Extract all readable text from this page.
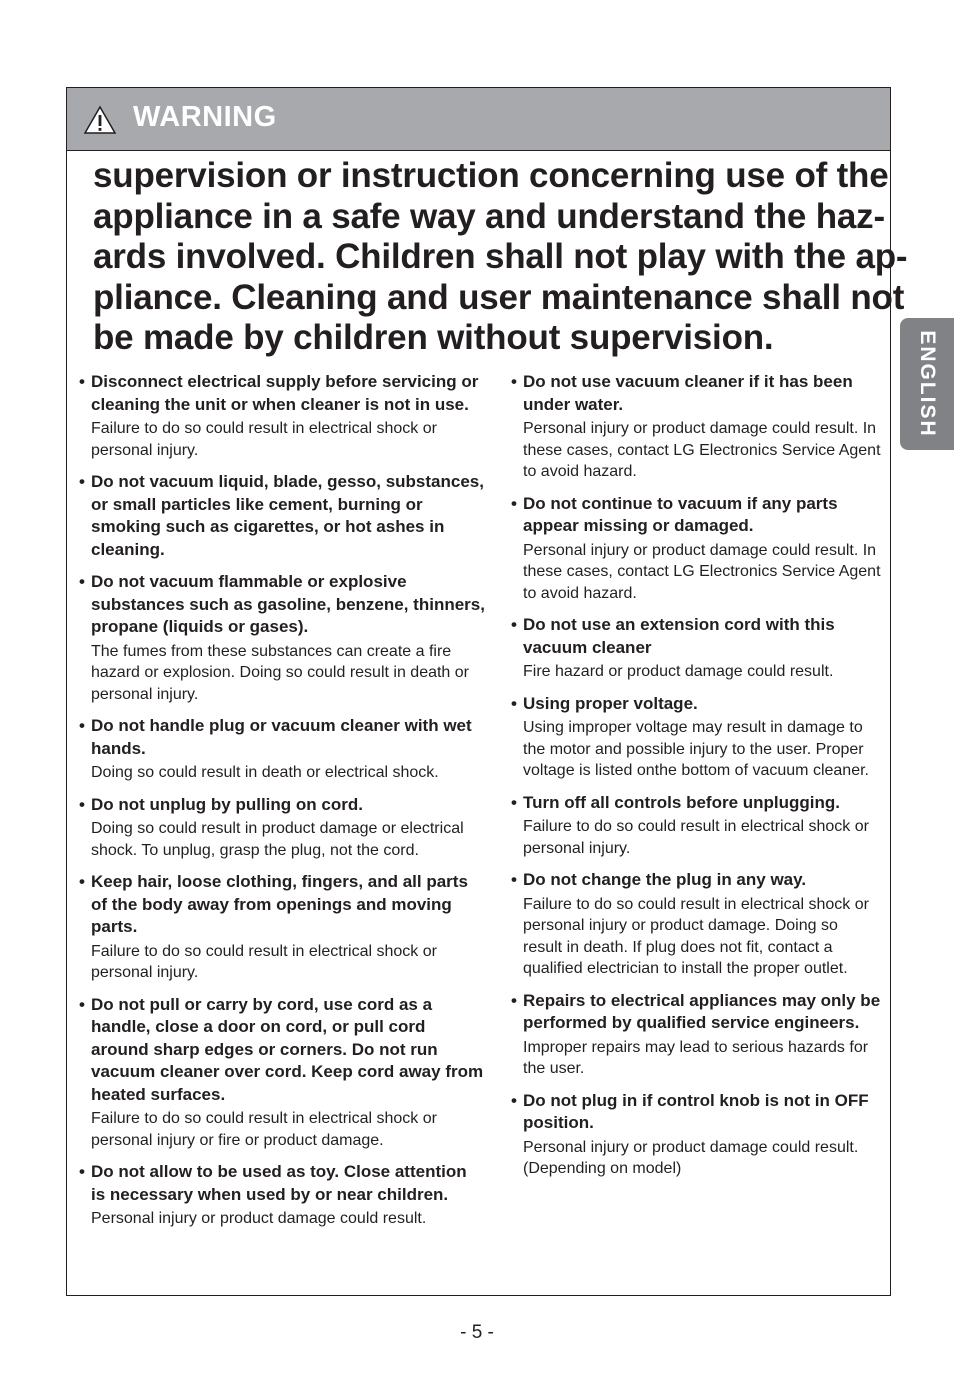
WARNING
supervision or instruction concerning use of the
appliance in a safe way and understand the haz-
ards involved. Children shall not play with the ap-
pliance. Cleaning and user maintenance shall not
be made by children without supervision.
• Disconnect electrical supply before servicing or cleaning the unit or when cleaner is not in use.
Failure to do so could result in electrical shock or personal injury.
• Do not vacuum liquid, blade, gesso, substances, or small particles like cement, burning or smoking such as cigarettes, or hot ashes in cleaning.
• Do not vacuum flammable or explosive substances such as gasoline, benzene, thinners, propane (liquids or gases).
The fumes from these substances can create a fire hazard or explosion. Doing so could result in death or personal injury.
• Do not handle plug or vacuum cleaner with wet hands.
Doing so could result in death or electrical shock.
• Do not unplug by pulling on cord.
Doing so could result in product damage or electrical shock. To unplug, grasp the plug, not the cord.
• Keep hair, loose clothing, fingers, and all parts of the body away from openings and moving parts.
Failure to do so could result in electrical shock or personal injury.
• Do not pull or carry by cord, use cord as a handle, close a door on cord, or pull cord around sharp edges or corners. Do not run vacuum cleaner over cord. Keep cord away from heated surfaces.
Failure to do so could result in electrical shock or personal injury or fire or product damage.
• Do not allow to be used as toy. Close attention is necessary when used by or near children.
Personal injury or product damage could result.
• Do not use vacuum cleaner if it has been under water.
Personal injury or product damage could result. In these cases, contact LG Electronics Service Agent to avoid hazard.
• Do not continue to vacuum if any parts appear missing or damaged.
Personal injury or product damage could result. In these cases, contact LG Electronics Service Agent to avoid hazard.
• Do not use an extension cord with this vacuum cleaner
Fire hazard or product damage could result.
• Using proper voltage.
Using improper voltage may result in damage to the motor and possible injury to the user. Proper voltage is listed onthe bottom of vacuum cleaner.
• Turn off all controls before unplugging.
Failure to do so could result in electrical shock or personal injury.
• Do not change the plug in any way.
Failure to do so could result in electrical shock or personal injury or product damage. Doing so result in death. If plug does not fit, contact a qualified electrician to install the proper outlet.
• Repairs to electrical appliances may only be performed by qualified service engineers.
Improper repairs may lead to serious hazards for the user.
• Do not plug in if control knob is not in OFF position.
Personal injury or product damage could result. (Depending on model)
ENGLISH
- 5 -
